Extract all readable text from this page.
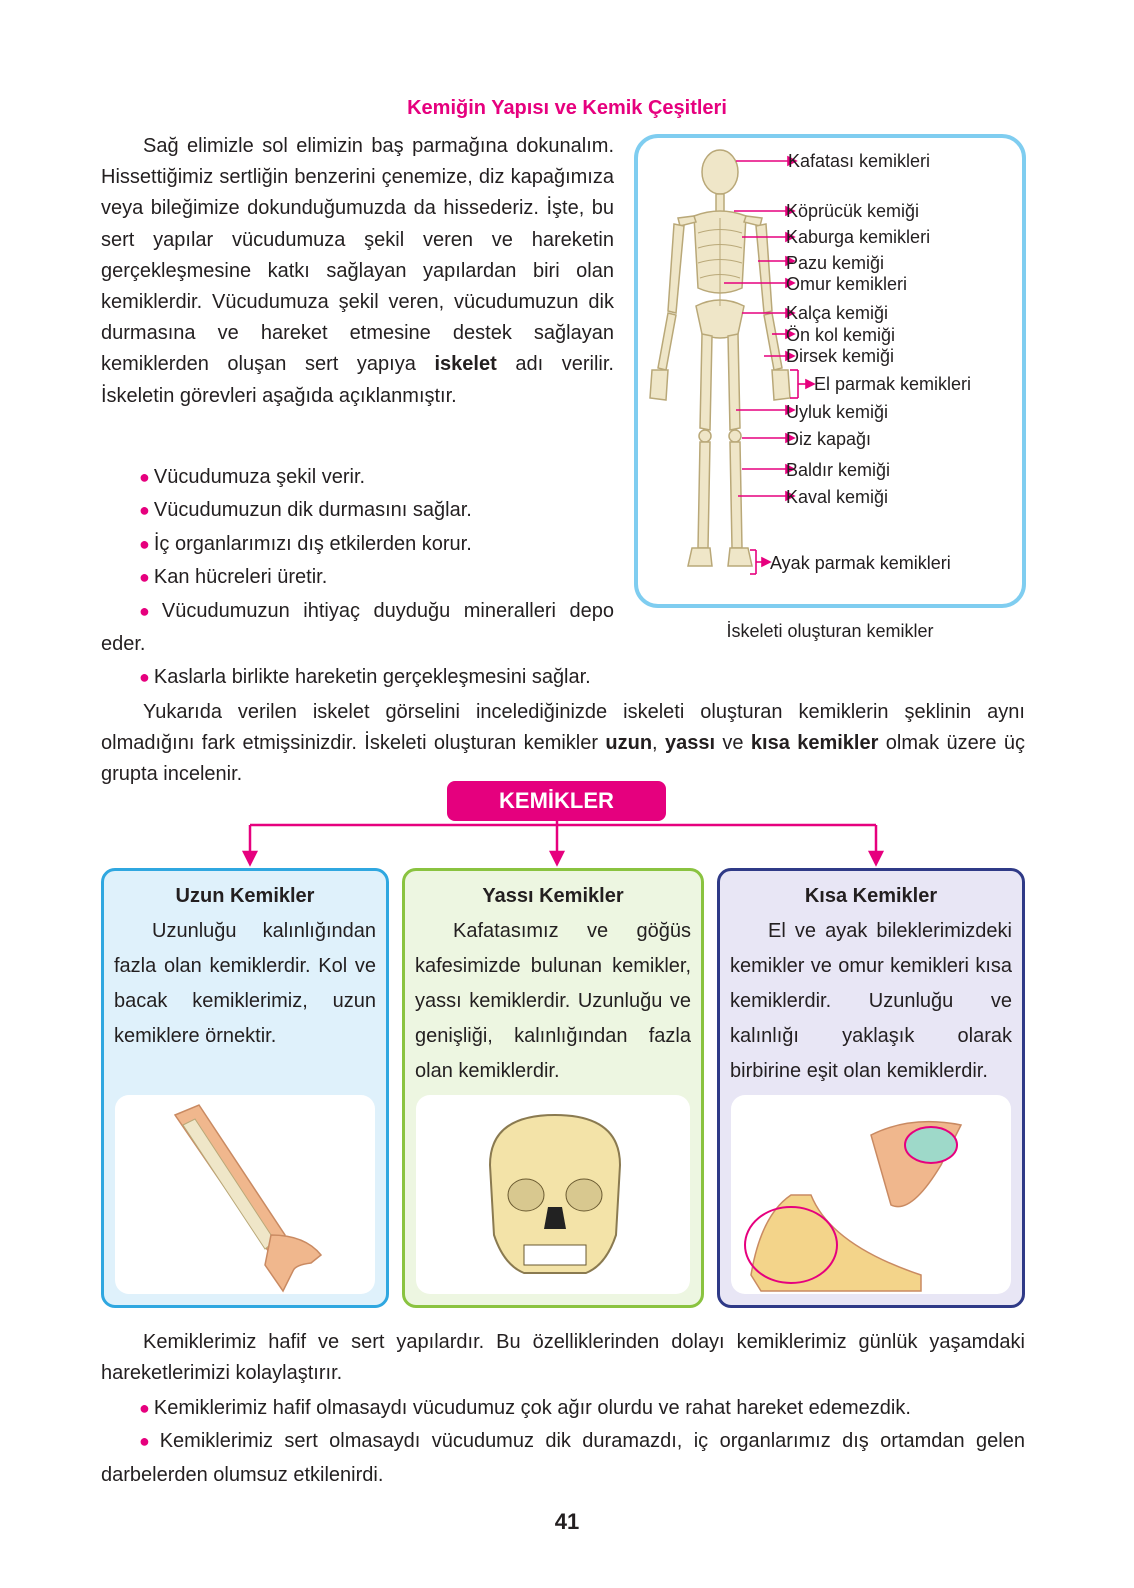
Kemiğin Yapısı ve Kemik Çeşitleri
Sağ elimizle sol elimizin baş parmağına dokunalım. Hissettiğimiz sertliğin benzerini çenemize, diz kapağımıza veya bileğimize dokunduğumuzda da hissederiz. İşte, bu sert yapılar vücudumuza şekil veren ve hareketin gerçekleşmesine katkı sağlayan yapılardan biri olan kemiklerdir. Vücudumuza şekil veren, vücudumuzun dik durmasına ve hareket etmesine destek sağlayan kemiklerden oluşan sert yapıya iskelet adı verilir. İskeletin görevleri aşağıda açıklanmıştır.
● Vücudumuza şekil verir.
● Vücudumuzun dik durmasını sağlar.
● İç organlarımızı dış etkilerden korur.
● Kan hücreleri üretir.
● Vücudumuzun ihtiyaç duyduğu mineralleri depo eder.
● Kaslarla birlikte hareketin gerçekleşmesini sağlar.
Kafatası kemikleri
Köprücük kemiği
Kaburga kemikleri
Pazu kemiği
Omur kemikleri
Kalça kemiği
Ön kol kemiği
Dirsek kemiği
El parmak kemikleri
Uyluk kemiği
Diz kapağı
Baldır kemiği
Kaval kemiği
Ayak parmak kemikleri
İskeleti oluşturan kemikler
Yukarıda verilen iskelet görselini incelediğinizde iskeleti oluşturan kemiklerin şeklinin aynı olmadığını fark etmişsinizdir. İskeleti oluşturan kemikler uzun, yassı ve kısa kemikler olmak üzere üç grupta incelenir.
KEMİKLER
Uzun Kemikler

Uzunluğu kalınlığından fazla olan kemiklerdir. Kol ve bacak kemiklerimiz, uzun kemiklere örnektir.

Yassı Kemikler

Kafatasımız ve göğüs kafesimizde bulunan kemikler, yassı kemiklerdir. Uzunluğu ve genişliği, kalınlığından fazla olan kemiklerdir.

Kısa Kemikler

El ve ayak bileklerimizdeki kemikler ve omur kemikleri kısa kemiklerdir. Uzunluğu ve kalınlığı yaklaşık olarak birbirine eşit olan kemiklerdir.

Kemiklerimiz hafif ve sert yapılardır. Bu özelliklerinden dolayı kemiklerimiz günlük yaşamdaki hareketlerimizi kolaylaştırır.
● Kemiklerimiz hafif olmasaydı vücudumuz çok ağır olurdu ve rahat hareket edemezdik.
● Kemiklerimiz sert olmasaydı vücudumuz dik duramazdı, iç organlarımız dış ortamdan gelen darbelerden olumsuz etkilenirdi.
41
